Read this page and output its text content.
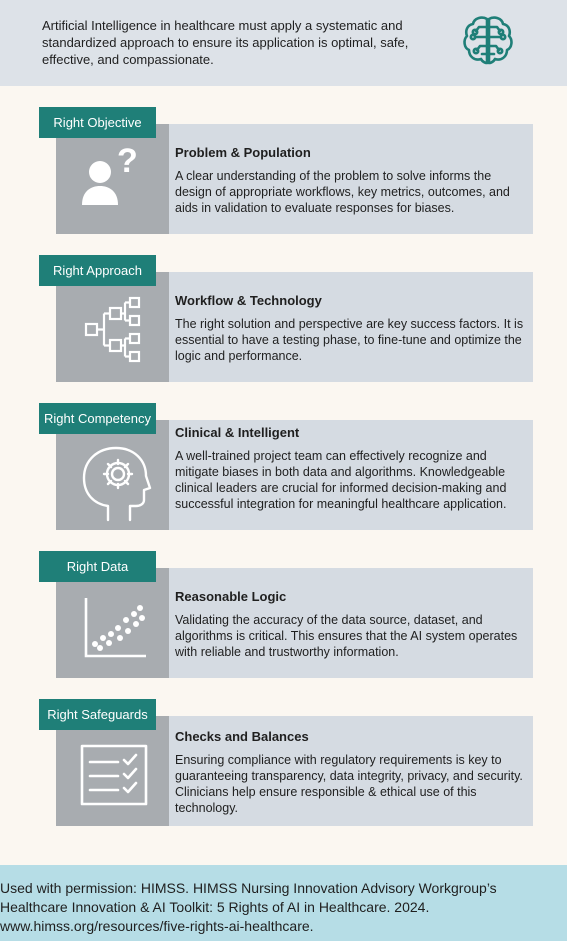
Artificial Intelligence in healthcare must apply a systematic and standardized approach to ensure its application is optimal, safe, effective, and compassionate.
?	Problem & Population
A clear understanding of the problem to solve informs the design of appropriate workflows, key metrics, outcomes, and aids in validation to evaluate responses for biases.
Right Objective
Workflow & Technology
The right solution and perspective are key success factors. It is essential to have a testing phase, to fine-tune and optimize the logic and performance.
Right Approach
Clinical & Intelligent
A well-trained project team can effectively recognize and mitigate biases in both data and algorithms. Knowledgeable clinical leaders are crucial for informed decision-making and successful integration for meaningful healthcare application.
Right Competency
Reasonable Logic
Validating the accuracy of the data source, dataset, and algorithms is critical. This ensures that the AI system operates with reliable and trustworthy information.
Right Data
Checks and Balances
Ensuring compliance with regulatory requirements is key to guaranteeing transparency, data integrity, privacy, and security. Clinicians help ensure responsible & ethical use of this technology.
Right Safeguards
Used with permission: HIMSS. HIMSS Nursing Innovation Advisory Workgroup’s Healthcare Innovation & AI Toolkit: 5 Rights of AI in Healthcare. 2024. www.himss.org/resources/five-rights-ai-healthcare.
